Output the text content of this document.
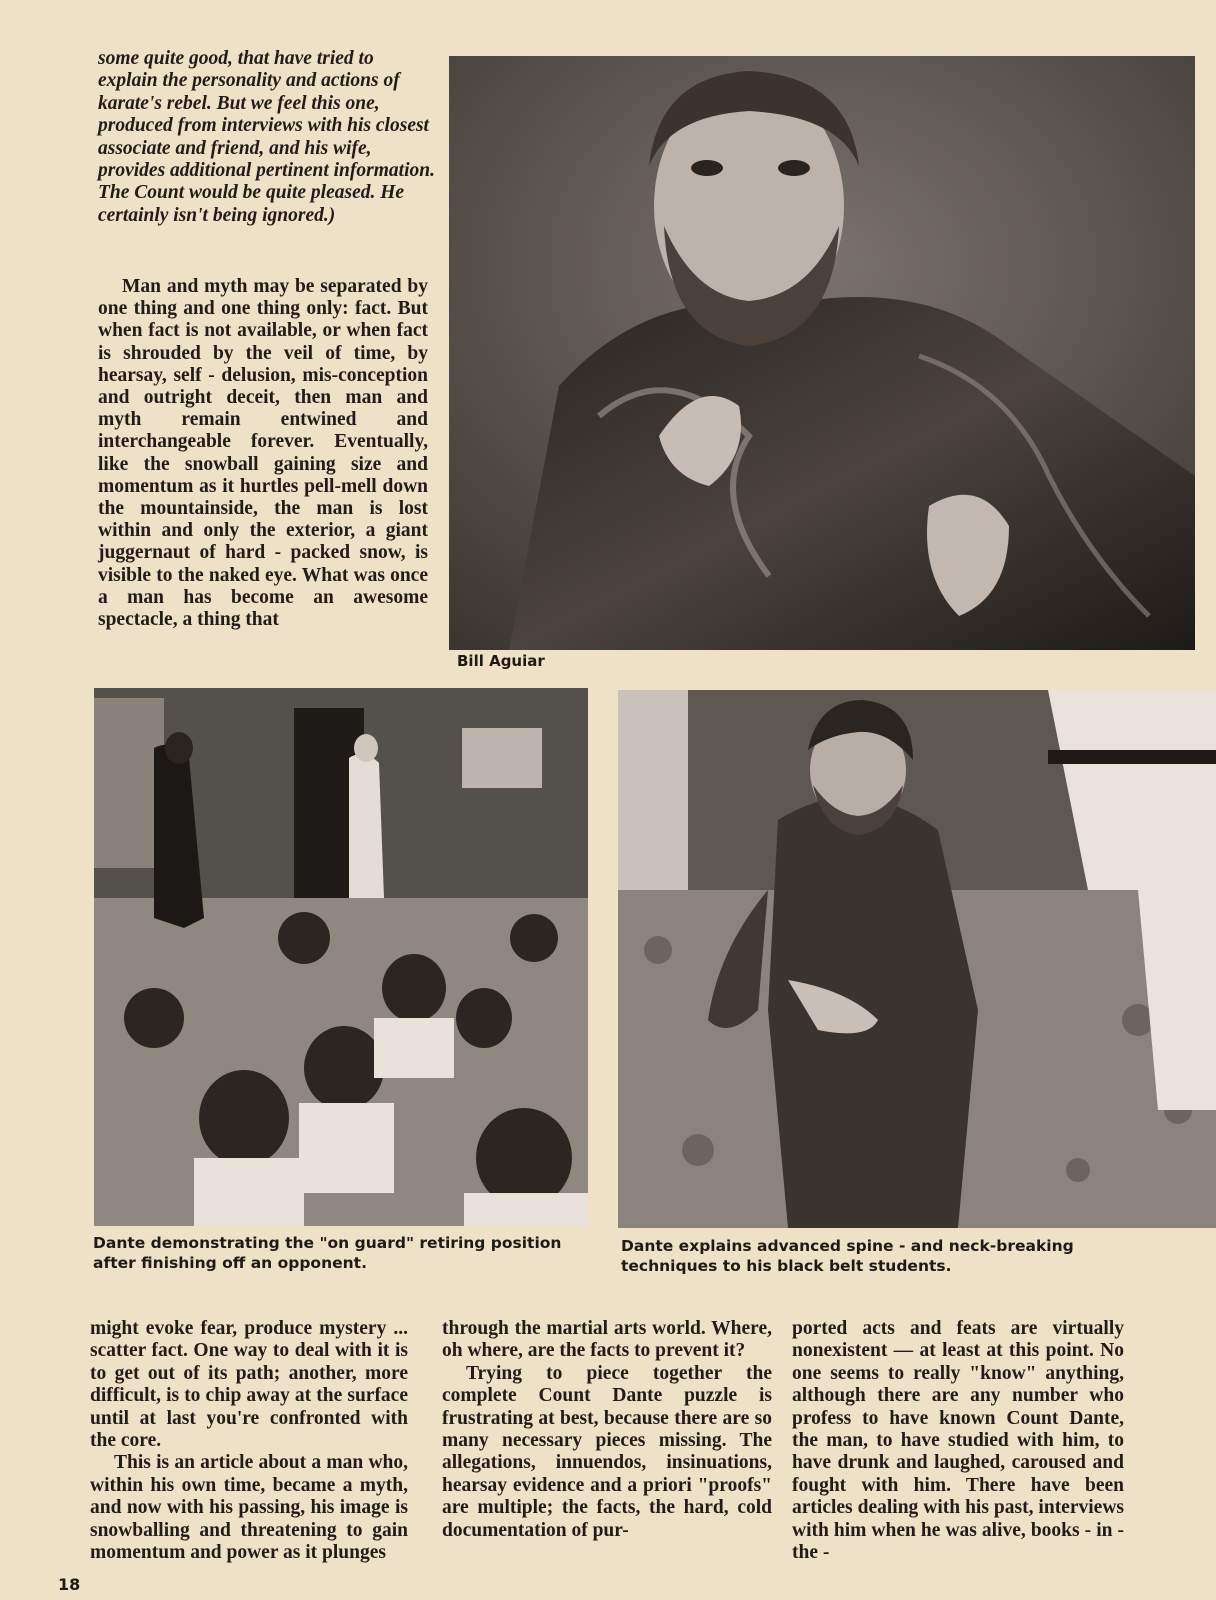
some quite good, that have tried to explain the personality and actions of karate's rebel. But we feel this one, produced from interviews with his closest associate and friend, and his wife, provides additional pertinent information. The Count would be quite pleased. He certainly isn't being ignored.)

Man and myth may be separated by one thing and one thing only: fact. But when fact is not available, or when fact is shrouded by the veil of time, by hearsay, self - delusion, mis-conception and outright deceit, then man and myth remain entwined and interchangeable forever. Eventually, like the snowball gaining size and momentum as it hurtles pell-mell down the mountainside, the man is lost within and only the exterior, a giant juggernaut of hard - packed snow, is visible to the naked eye. What was once a man has become an awesome spectacle, a thing that

Bill Aguiar

Dante demonstrating the "on guard" retiring position after finishing off an opponent.

Dante explains advanced spine - and neck-breaking techniques to his black belt students.

might evoke fear, produce mystery ... scatter fact. One way to deal with it is to get out of its path; another, more difficult, is to chip away at the surface until at last you're confronted with the core.

This is an article about a man who, within his own time, became a myth, and now with his passing, his image is snowballing and threatening to gain momentum and power as it plunges

through the martial arts world. Where, oh where, are the facts to prevent it?

Trying to piece together the complete Count Dante puzzle is frustrating at best, because there are so many necessary pieces missing. The allegations, innuendos, insinuations, hearsay evidence and a priori "proofs" are multiple; the facts, the hard, cold documentation of pur-

ported acts and feats are virtually nonexistent — at least at this point. No one seems to really "know" anything, although there are any number who profess to have known Count Dante, the man, to have studied with him, to have drunk and laughed, caroused and fought with him. There have been articles dealing with his past, interviews with him when he was alive, books - in - the -

18
